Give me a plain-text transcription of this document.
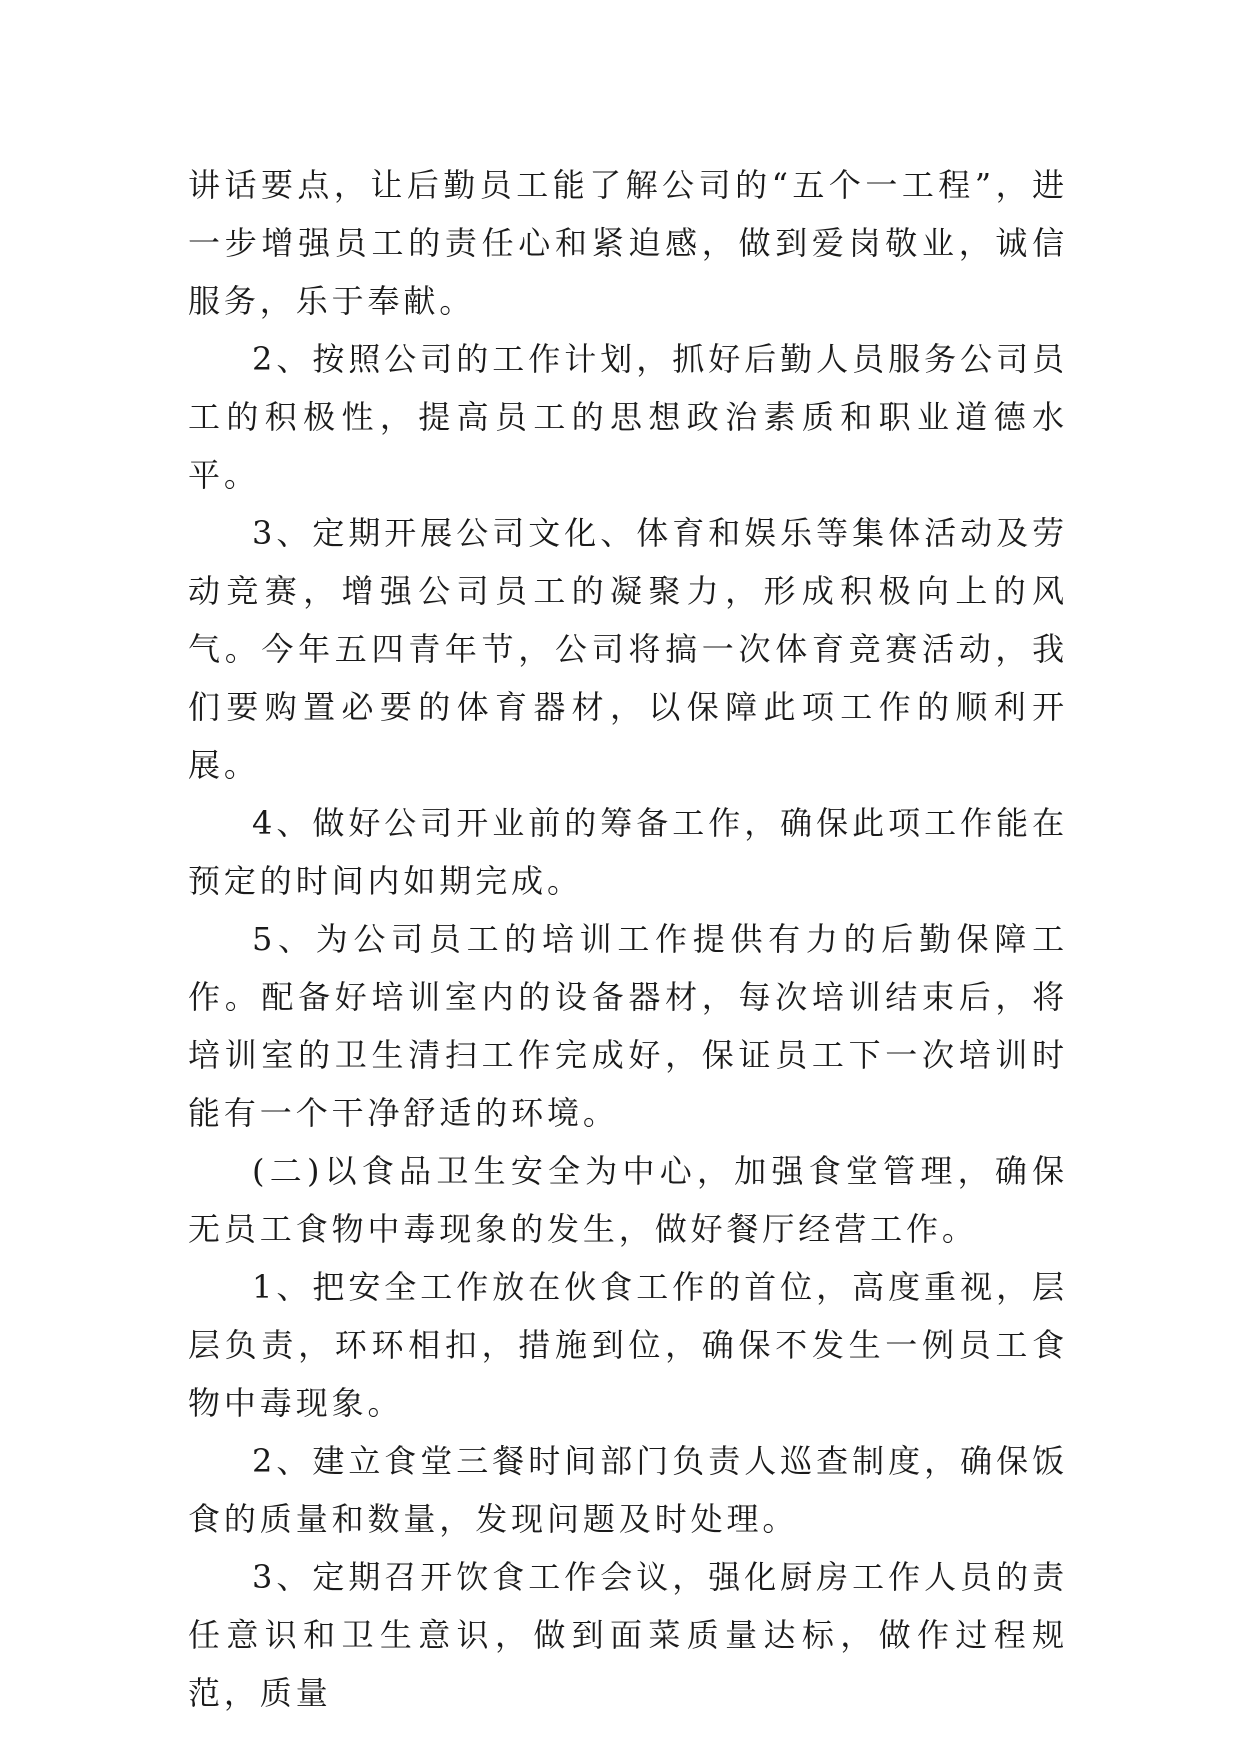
讲话要点，让后勤员工能了解公司的“五个一工程”，进一步增强员工的责任心和紧迫感，做到爱岗敬业，诚信服务，乐于奉献。

2、按照公司的工作计划，抓好后勤人员服务公司员工的积极性，提高员工的思想政治素质和职业道德水平。

3、定期开展公司文化、体育和娱乐等集体活动及劳动竞赛，增强公司员工的凝聚力，形成积极向上的风气。今年五四青年节，公司将搞一次体育竞赛活动，我们要购置必要的体育器材，以保障此项工作的顺利开展。

4、做好公司开业前的筹备工作，确保此项工作能在预定的时间内如期完成。

5、为公司员工的培训工作提供有力的后勤保障工作。配备好培训室内的设备器材，每次培训结束后，将培训室的卫生清扫工作完成好，保证员工下一次培训时能有一个干净舒适的环境。

(二)以食品卫生安全为中心，加强食堂管理，确保无员工食物中毒现象的发生，做好餐厅经营工作。

1、把安全工作放在伙食工作的首位，高度重视，层层负责，环环相扣，措施到位，确保不发生一例员工食物中毒现象。

2、建立食堂三餐时间部门负责人巡查制度，确保饭食的质量和数量，发现问题及时处理。

3、定期召开饮食工作会议，强化厨房工作人员的责任意识和卫生意识，做到面菜质量达标，做作过程规范，质量
